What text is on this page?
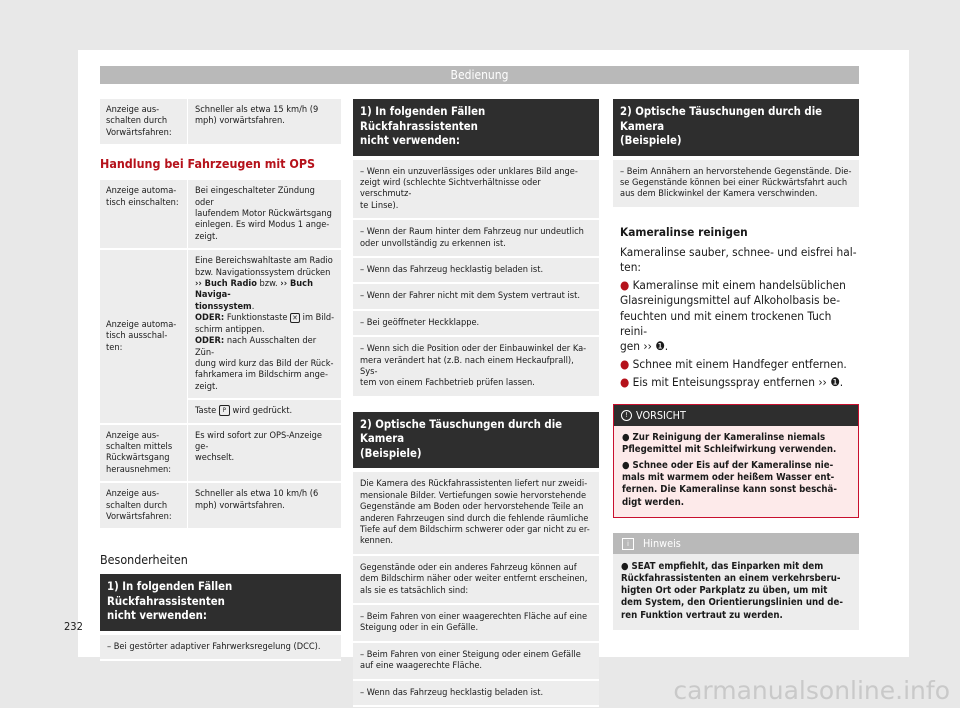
Bedienung
Anzeige aus-
schalten durch
Vorwärtsfahren:
Schneller als etwa 15 km/h (9
mph) vorwärtsfahren.
Handlung bei Fahrzeugen mit OPS
Anzeige automa-
tisch einschalten:
Bei eingeschalteter Zündung oder
laufendem Motor Rückwärtsgang
einlegen. Es wird Modus 1 ange-
zeigt.
Anzeige automa-
tisch ausschal-
ten:
Eine Bereichswahltaste am Radio
bzw. Navigationssystem drücken
›› Buch Radio bzw. ›› Buch Naviga-
tionssystem.
ODER: Funktionstaste ✕ im Bild-
schirm antippen.
ODER: nach Ausschalten der Zün-
dung wird kurz das Bild der Rück-
fahrkamera im Bildschirm ange-
zeigt.
Taste P wird gedrückt.
Anzeige aus-
schalten mittels
Rückwärtsgang
herausnehmen:
Es wird sofort zur OPS-Anzeige ge-
wechselt.
Anzeige aus-
schalten durch
Vorwärtsfahren:
Schneller als etwa 10 km/h (6
mph) vorwärtsfahren.
Besonderheiten
1) In folgenden Fällen Rückfahrassistenten
nicht verwenden:
– Bei gestörter adaptiver Fahrwerksregelung (DCC).
1) In folgenden Fällen Rückfahrassistenten
nicht verwenden:
– Wenn ein unzuverlässiges oder unklares Bild ange-
zeigt wird (schlechte Sichtverhältnisse oder verschmutz-
te Linse).
– Wenn der Raum hinter dem Fahrzeug nur undeutlich
oder unvollständig zu erkennen ist.
– Wenn das Fahrzeug hecklastig beladen ist.
– Wenn der Fahrer nicht mit dem System vertraut ist.
– Bei geöffneter Heckklappe.
– Wenn sich die Position oder der Einbauwinkel der Ka-
mera verändert hat (z.B. nach einem Heckaufprall), Sys-
tem von einem Fachbetrieb prüfen lassen.
2) Optische Täuschungen durch die Kamera
(Beispiele)
Die Kamera des Rückfahrassistenten liefert nur zweidi-
mensionale Bilder. Vertiefungen sowie hervorstehende
Gegenstände am Boden oder hervorstehende Teile an
anderen Fahrzeugen sind durch die fehlende räumliche
Tiefe auf dem Bildschirm schwerer oder gar nicht zu er-
kennen.
Gegenstände oder ein anderes Fahrzeug können auf
dem Bildschirm näher oder weiter entfernt erscheinen,
als sie es tatsächlich sind:
– Beim Fahren von einer waagerechten Fläche auf eine
Steigung oder in ein Gefälle.
– Beim Fahren von einer Steigung oder einem Gefälle
auf eine waagerechte Fläche.
– Wenn das Fahrzeug hecklastig beladen ist.
2) Optische Täuschungen durch die Kamera
(Beispiele)
– Beim Annähern an hervorstehende Gegenstände. Die-
se Gegenstände können bei einer Rückwärtsfahrt auch
aus dem Blickwinkel der Kamera verschwinden.
Kameralinse reinigen
Kameralinse sauber, schnee- und eisfrei hal-
ten:
● Kameralinse mit einem handelsüblichen
Glasreinigungsmittel auf Alkoholbasis be-
feuchten und mit einem trockenen Tuch reini-
gen ›› ❶.
● Schnee mit einem Handfeger entfernen.
● Eis mit Enteisungsspray entfernen ›› ❶.
! VORSICHT

● Zur Reinigung der Kameralinse niemals
Pflegemittel mit Schleifwirkung verwenden.

● Schnee oder Eis auf der Kameralinse nie-
mals mit warmem oder heißem Wasser ent-
fernen. Die Kameralinse kann sonst beschä-
digt werden.

i	Hinweis

● SEAT empfiehlt, das Einparken mit dem
Rückfahrassistenten an einem verkehrsberu-
higten Ort oder Parkplatz zu üben, um mit
dem System, den Orientierungslinien und de-
ren Funktion vertraut zu werden.

232
carmanualsonline.info
